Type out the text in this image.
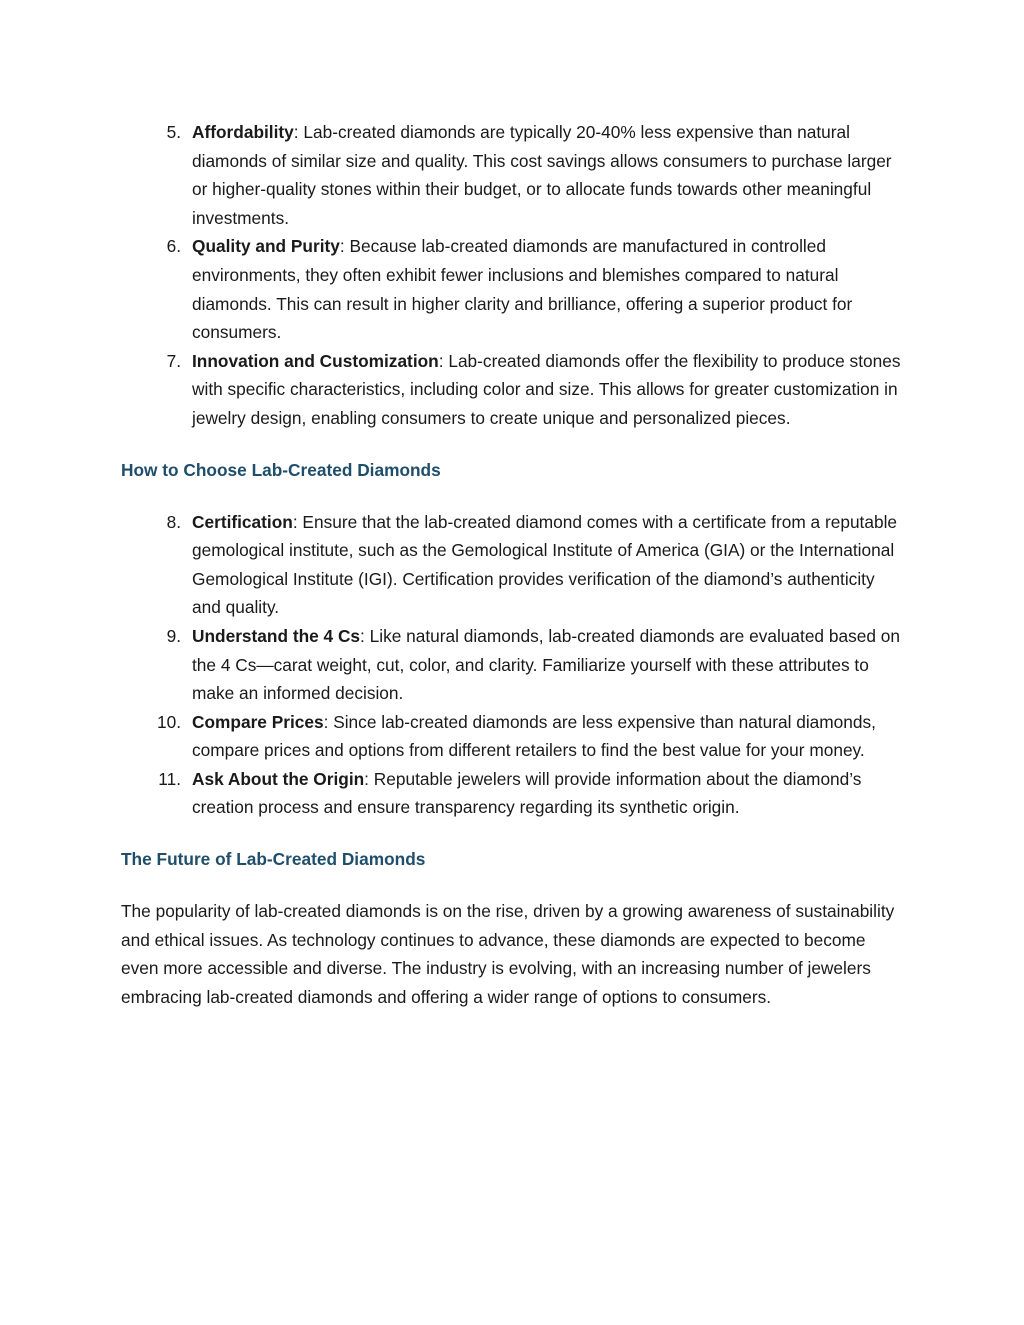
5. Affordability: Lab-created diamonds are typically 20-40% less expensive than natural diamonds of similar size and quality. This cost savings allows consumers to purchase larger or higher-quality stones within their budget, or to allocate funds towards other meaningful investments.
6. Quality and Purity: Because lab-created diamonds are manufactured in controlled environments, they often exhibit fewer inclusions and blemishes compared to natural diamonds. This can result in higher clarity and brilliance, offering a superior product for consumers.
7. Innovation and Customization: Lab-created diamonds offer the flexibility to produce stones with specific characteristics, including color and size. This allows for greater customization in jewelry design, enabling consumers to create unique and personalized pieces.
How to Choose Lab-Created Diamonds
8. Certification: Ensure that the lab-created diamond comes with a certificate from a reputable gemological institute, such as the Gemological Institute of America (GIA) or the International Gemological Institute (IGI). Certification provides verification of the diamond’s authenticity and quality.
9. Understand the 4 Cs: Like natural diamonds, lab-created diamonds are evaluated based on the 4 Cs—carat weight, cut, color, and clarity. Familiarize yourself with these attributes to make an informed decision.
10. Compare Prices: Since lab-created diamonds are less expensive than natural diamonds, compare prices and options from different retailers to find the best value for your money.
11. Ask About the Origin: Reputable jewelers will provide information about the diamond’s creation process and ensure transparency regarding its synthetic origin.
The Future of Lab-Created Diamonds

The popularity of lab-created diamonds is on the rise, driven by a growing awareness of sustainability and ethical issues. As technology continues to advance, these diamonds are expected to become even more accessible and diverse. The industry is evolving, with an increasing number of jewelers embracing lab-created diamonds and offering a wider range of options to consumers.
